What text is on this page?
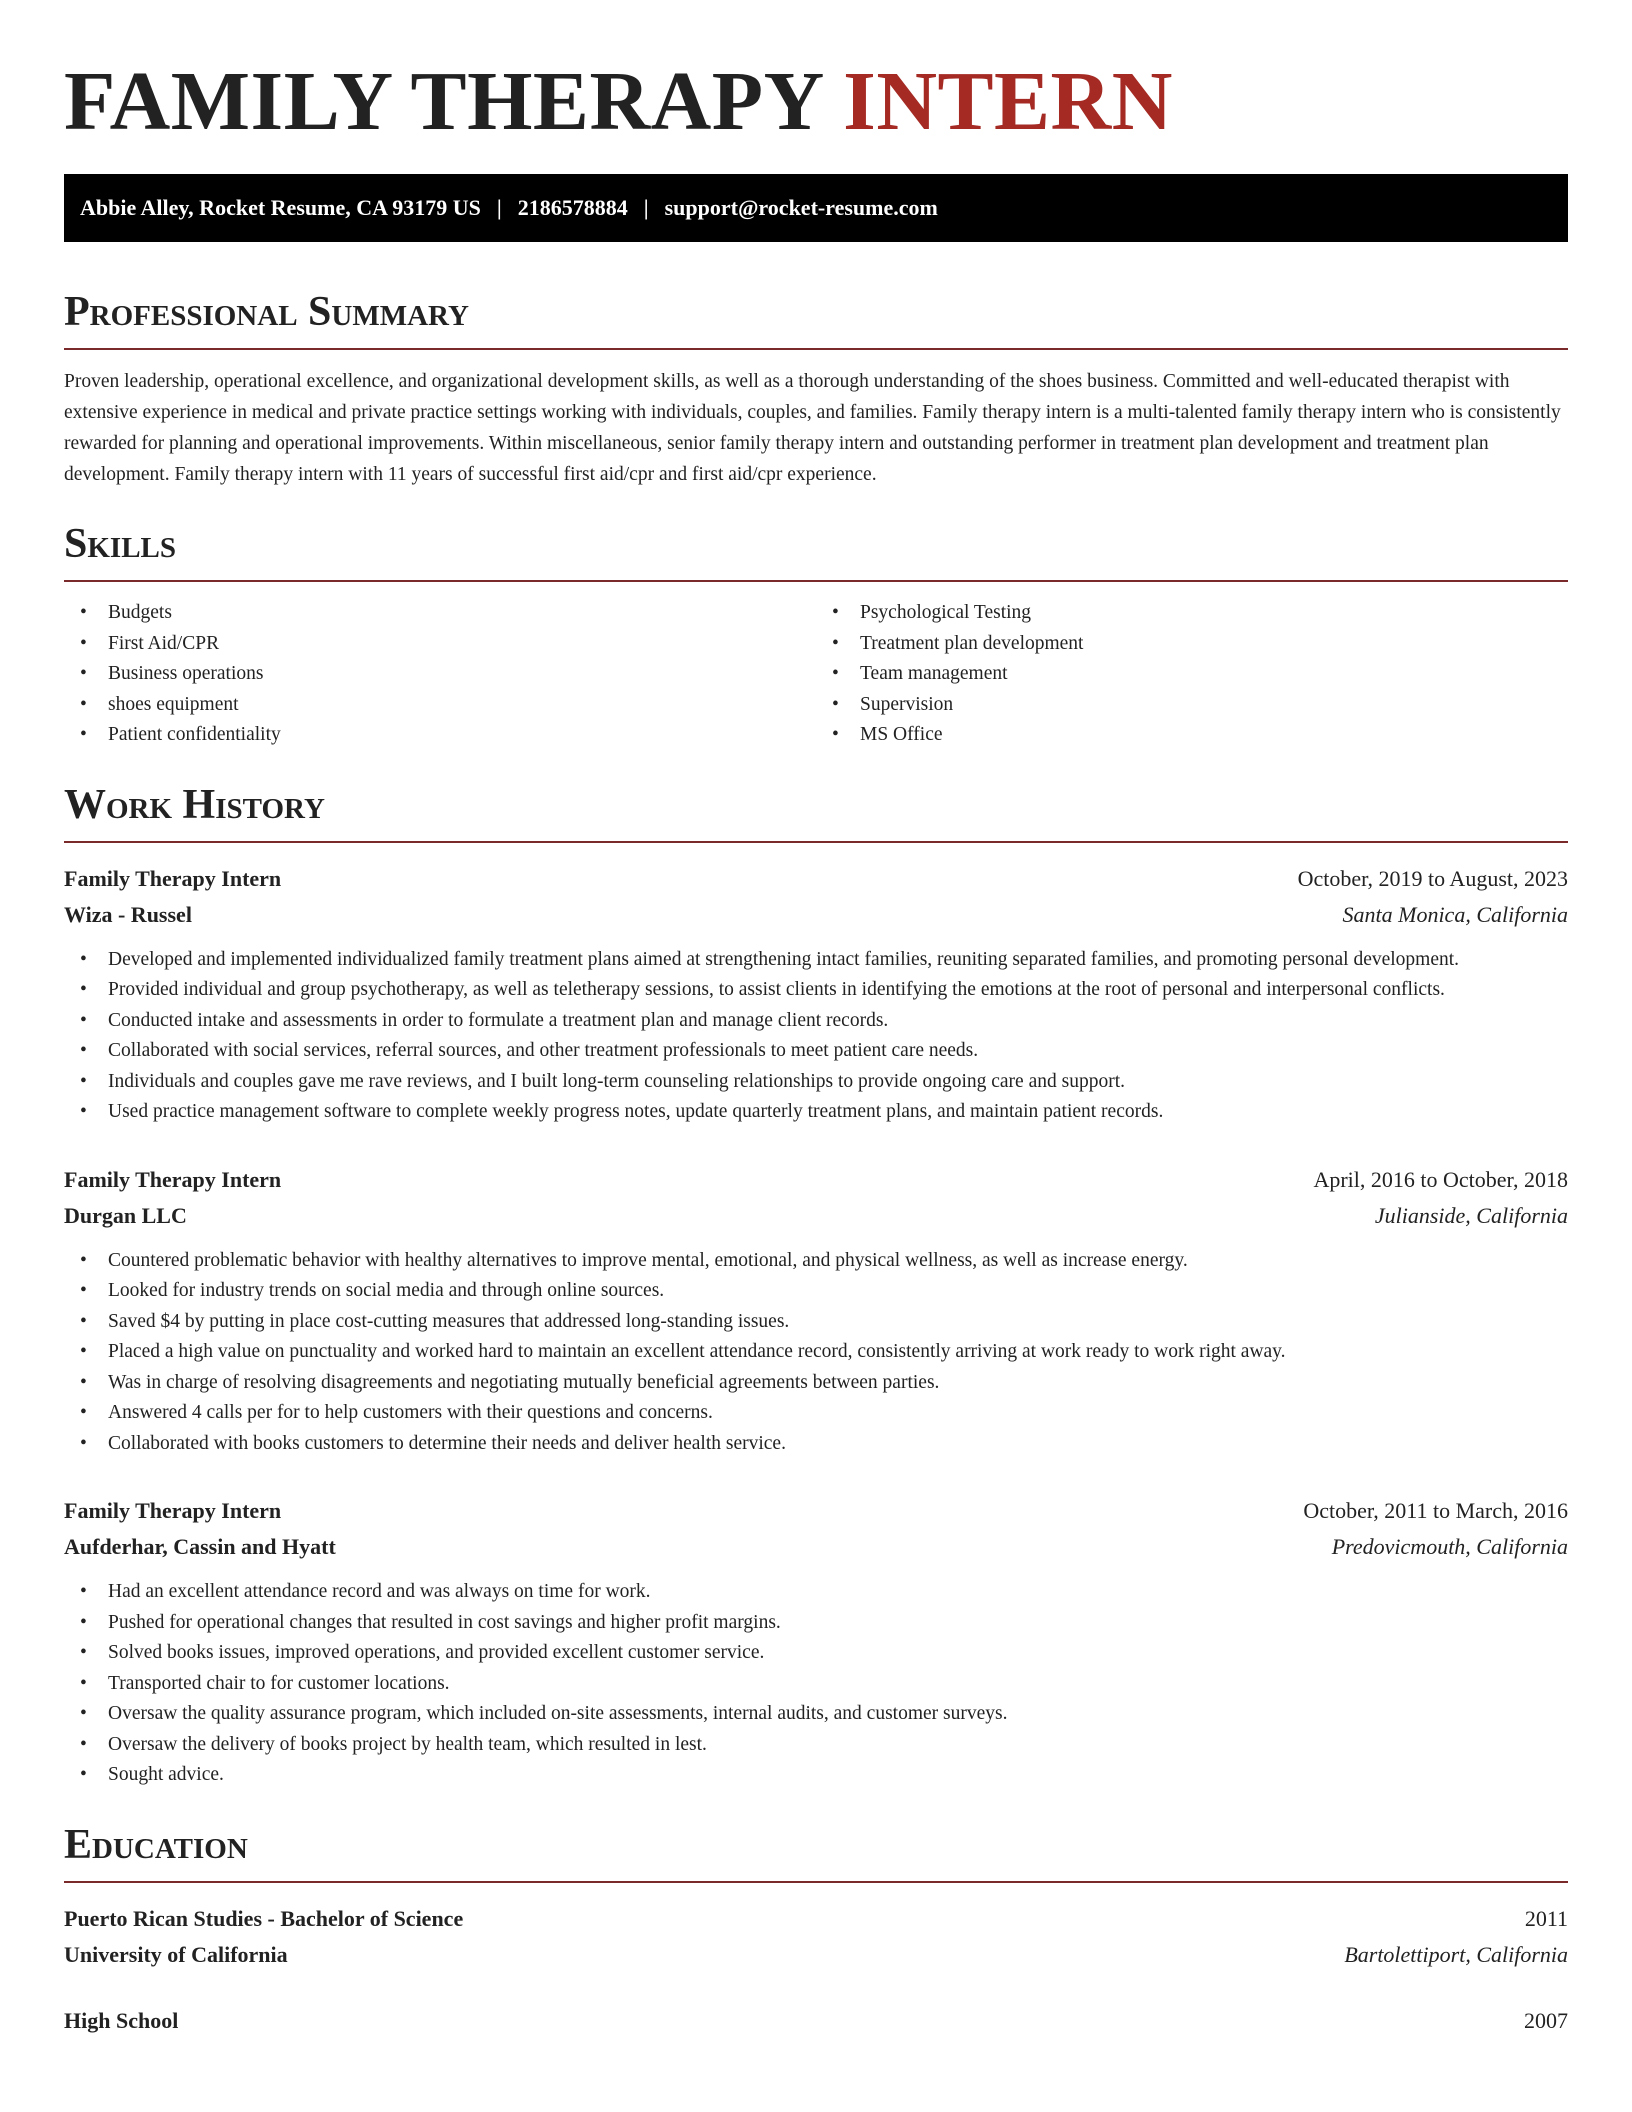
FAMILY THERAPY INTERN
Abbie Alley, Rocket Resume, CA 93179 US | 2186578884 | support@rocket-resume.com
Professional Summary

Proven leadership, operational excellence, and organizational development skills, as well as a thorough understanding of the shoes business. Committed and well-educated therapist with extensive experience in medical and private practice settings working with individuals, couples, and families. Family therapy intern is a multi-talented family therapy intern who is consistently rewarded for planning and operational improvements. Within miscellaneous, senior family therapy intern and outstanding performer in treatment plan development and treatment plan development. Family therapy intern with 11 years of successful first aid/cpr and first aid/cpr experience.

Skills
• Budgets
• First Aid/CPR
• Business operations
• shoes equipment
• Patient confidentiality
• Psychological Testing
• Treatment plan development
• Team management
• Supervision
• MS Office
Work History
Family Therapy Intern	October, 2019 to August, 2023
Wiza - Russel	Santa Monica, California
• Developed and implemented individualized family treatment plans aimed at strengthening intact families, reuniting separated families, and promoting personal development.
• Provided individual and group psychotherapy, as well as teletherapy sessions, to assist clients in identifying the emotions at the root of personal and interpersonal conflicts.
• Conducted intake and assessments in order to formulate a treatment plan and manage client records.
• Collaborated with social services, referral sources, and other treatment professionals to meet patient care needs.
• Individuals and couples gave me rave reviews, and I built long-term counseling relationships to provide ongoing care and support.
• Used practice management software to complete weekly progress notes, update quarterly treatment plans, and maintain patient records.
Family Therapy Intern	April, 2016 to October, 2018
Durgan LLC	Julianside, California
• Countered problematic behavior with healthy alternatives to improve mental, emotional, and physical wellness, as well as increase energy.
• Looked for industry trends on social media and through online sources.
• Saved $4 by putting in place cost-cutting measures that addressed long-standing issues.
• Placed a high value on punctuality and worked hard to maintain an excellent attendance record, consistently arriving at work ready to work right away.
• Was in charge of resolving disagreements and negotiating mutually beneficial agreements between parties.
• Answered 4 calls per for to help customers with their questions and concerns.
• Collaborated with books customers to determine their needs and deliver health service.
Family Therapy Intern	October, 2011 to March, 2016
Aufderhar, Cassin and Hyatt	Predovicmouth, California
• Had an excellent attendance record and was always on time for work.
• Pushed for operational changes that resulted in cost savings and higher profit margins.
• Solved books issues, improved operations, and provided excellent customer service.
• Transported chair to for customer locations.
• Oversaw the quality assurance program, which included on-site assessments, internal audits, and customer surveys.
• Oversaw the delivery of books project by health team, which resulted in lest.
• Sought advice.
Education
Puerto Rican Studies - Bachelor of Science	2011
University of California	Bartolettiport, California
High School	2007
